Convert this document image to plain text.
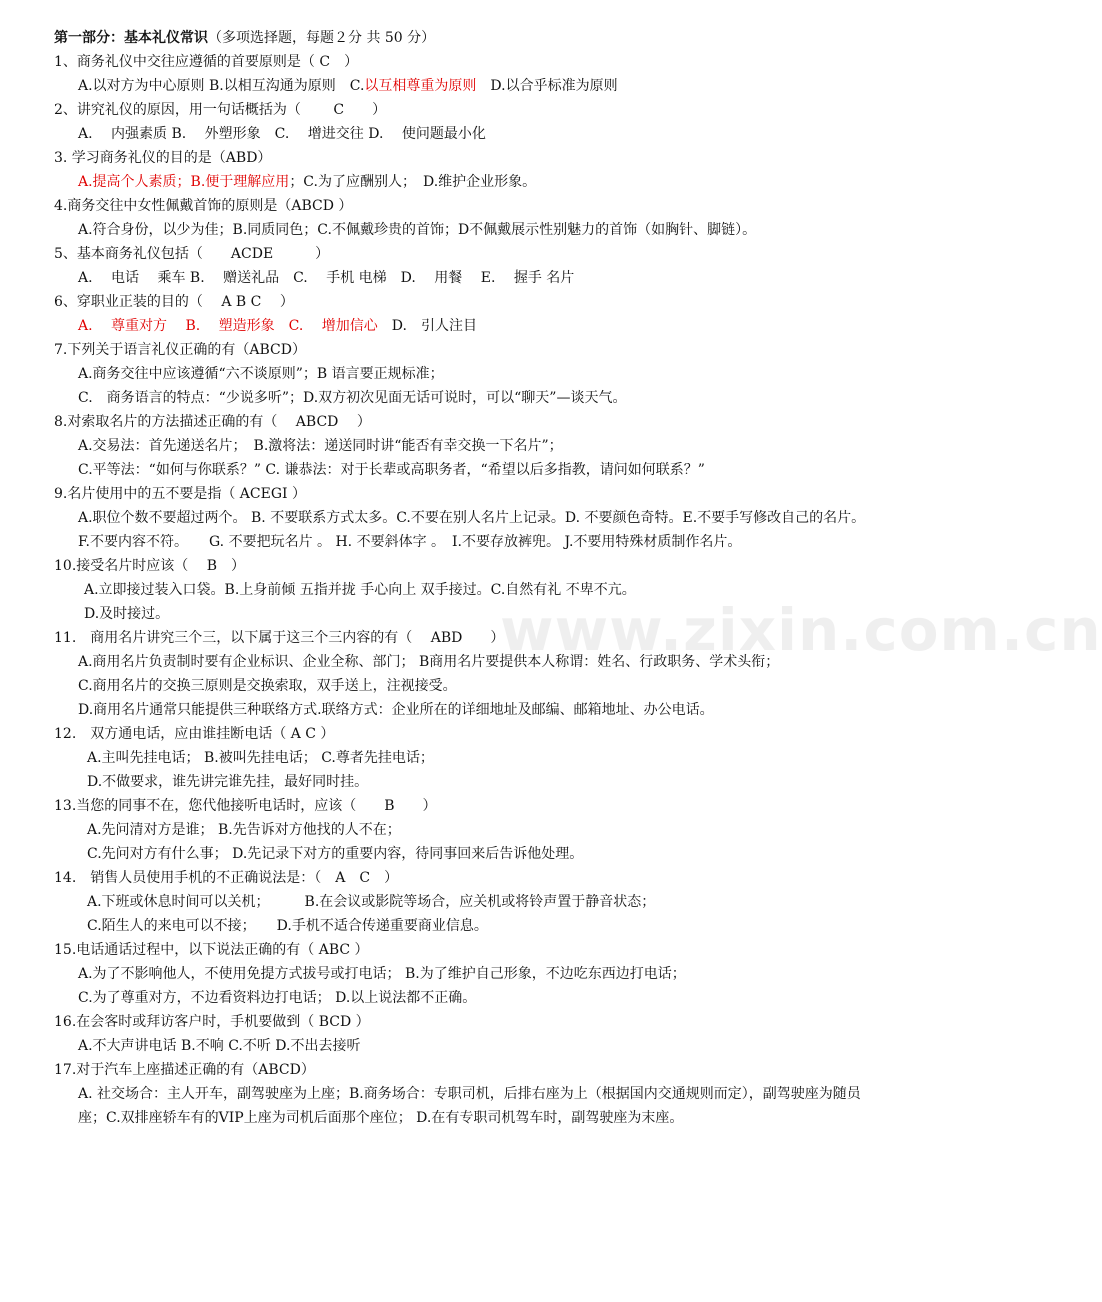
www.zixin.com.cn
第一部分：基本礼仪常识（多项选择题，每题２分 共 50 分）
1、商务礼仪中交往应遵循的首要原则是（ C　）
A.以对方为中心原则 B.以相互沟通为原则　C.以互相尊重为原则　D.以合乎标准为原则
2、讲究礼仪的原因，用一句话概括为（　　 C　　）
A.　 内强素质 B.　 外塑形象　C.　 增进交往 D.　 使问题最小化
3. 学习商务礼仪的目的是（ABD）
A.提高个人素质；B.便于理解应用；C.为了应酬别人；　D.维护企业形象。
4.商务交往中女性佩戴首饰的原则是（ABCD ）
A.符合身份，以少为佳；B.同质同色；C.不佩戴珍贵的首饰；D不佩戴展示性别魅力的首饰（如胸针、脚链）。
5、基本商务礼仪包括（　　ACDE　　　）
A.　 电话　 乘车 B.　 赠送礼品　C.　 手机 电梯　D.　 用餐　 E.　 握手 名片
6、穿职业正装的目的（　 A B C　 ）
A.　 尊重对方　 B.　 塑造形象　C.　 增加信心　D.　引人注目
7.下列关于语言礼仪正确的有（ABCD）
A.商务交往中应该遵循“六不谈原则”；B 语言要正规标准；
C.　商务语言的特点：“少说多听”；D.双方初次见面无话可说时，可以“聊天”—谈天气。
8.对索取名片的方法描述正确的有（　 ABCD　 ）
A.交易法：首先递送名片；　B.激将法：递送同时讲“能否有幸交换一下名片”；
C.平等法：“如何与你联系？” C. 谦恭法：对于长辈或高职务者，“希望以后多指教，请问如何联系？”
9.名片使用中的五不要是指（ ACEGI ）
A.职位个数不要超过两个。 B. 不要联系方式太多。C.不要在别人名片上记录。D. 不要颜色奇特。E.不要手写修改自己的名片。F.不要内容不符。　　G. 不要把玩名片 。 H. 不要斜体字 。　I.不要存放裤兜。 J.不要用特殊材质制作名片。
10.接受名片时应该（　 B　）
A.立即接过装入口袋。B.上身前倾 五指并拢 手心向上 双手接过。C.自然有礼 不卑不亢。
D.及时接过。
11.　商用名片讲究三个三，以下属于这三个三内容的有（　 ABD　　）
A.商用名片负责制时要有企业标识、企业全称、部门； B商用名片要提供本人称谓：姓名、行政职务、学术头衔；
C.商用名片的交换三原则是交换索取，双手送上，注视接受。
D.商用名片通常只能提供三种联络方式.联络方式：企业所在的详细地址及邮编、邮箱地址、办公电话。
12.　双方通电话，应由谁挂断电话（ A C ）
A.主叫先挂电话； B.被叫先挂电话； C.尊者先挂电话；
D.不做要求，谁先讲完谁先挂，最好同时挂。
13.当您的同事不在，您代他接听电话时，应该（　　B　　）
A.先问清对方是谁； B.先告诉对方他找的人不在；
C.先问对方有什么事； D.先记录下对方的重要内容，待同事回来后告诉他处理。
14.　销售人员使用手机的不正确说法是：（　A　C　）
A.下班或休息时间可以关机；　　　B.在会议或影院等场合，应关机或将铃声置于静音状态；
C.陌生人的来电可以不接；　　D.手机不适合传递重要商业信息。
15.电话通话过程中，以下说法正确的有（ ABC ）
A.为了不影响他人，不使用免提方式拔号或打电话； B.为了维护自己形象，不边吃东西边打电话；
C.为了尊重对方，不边看资料边打电话； D.以上说法都不正确。
16.在会客时或拜访客户时，手机要做到（ BCD ）
A.不大声讲电话 B.不响 C.不听 D.不出去接听
17.对于汽车上座描述正确的有（ABCD）
A. 社交场合：主人开车，副驾驶座为上座；B.商务场合：专职司机，后排右座为上（根据国内交通规则而定），副驾驶座为随员座；C.双排座轿车有的VIP上座为司机后面那个座位； D.在有专职司机驾车时，副驾驶座为末座。
